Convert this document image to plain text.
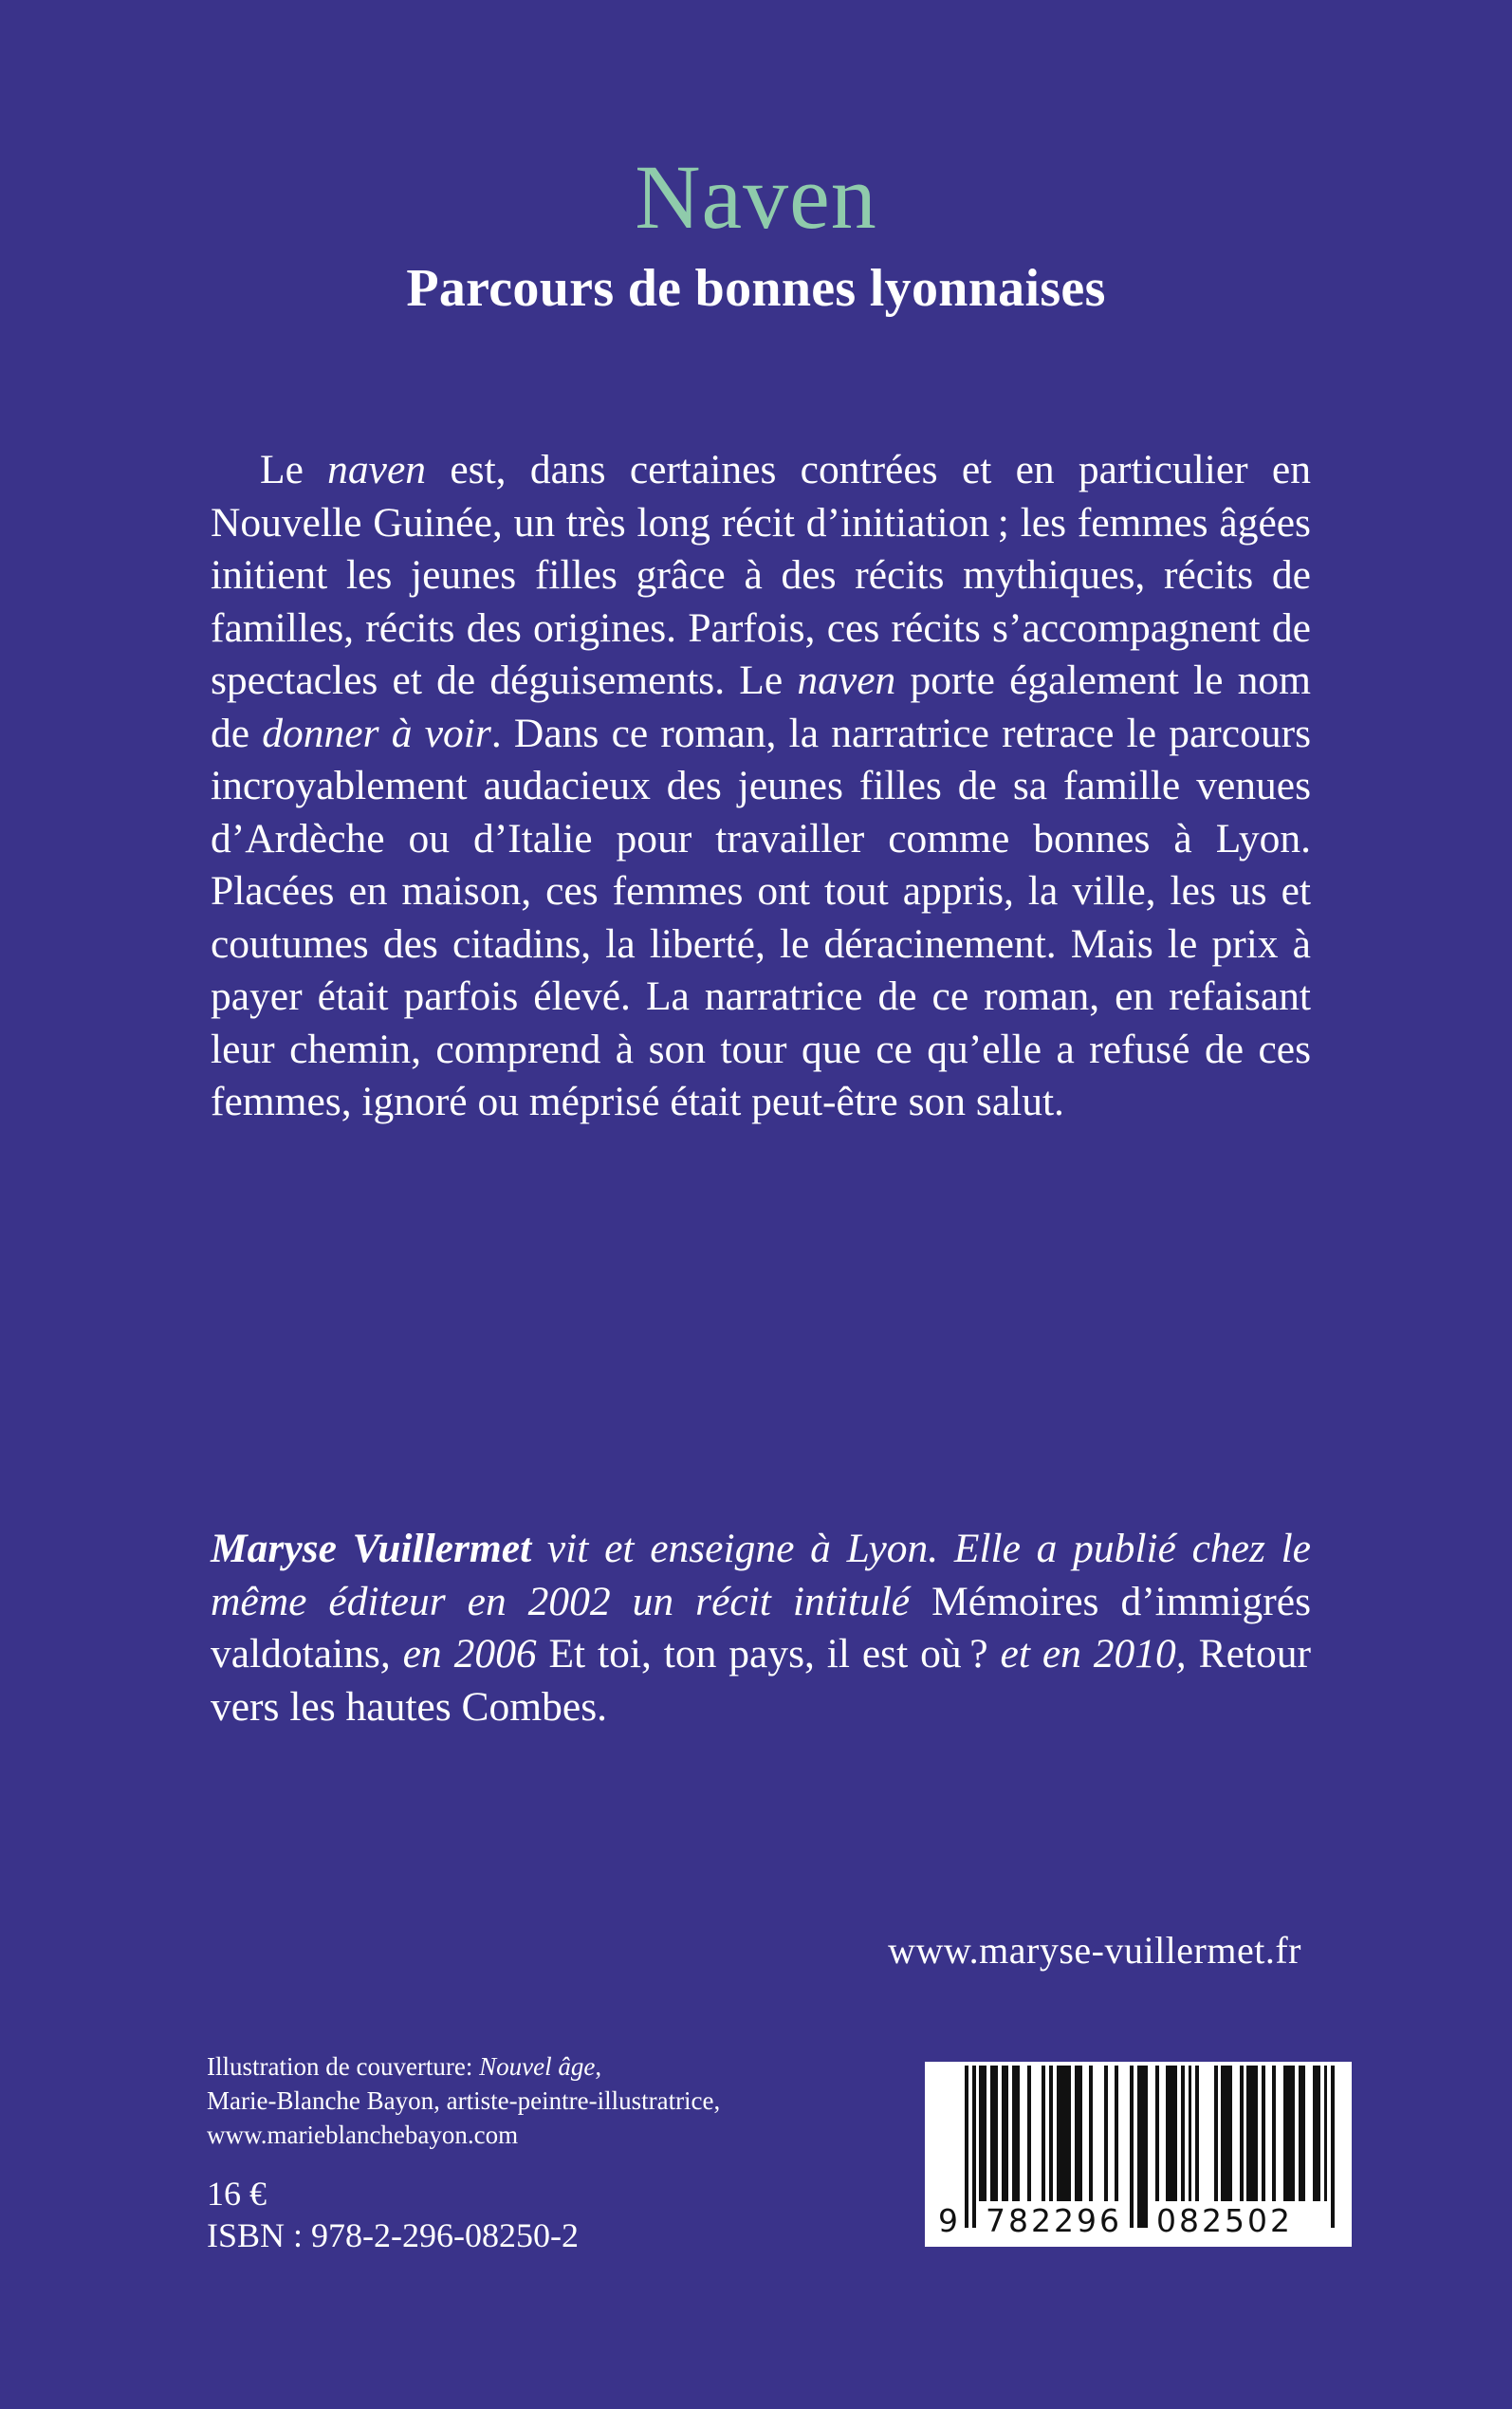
Naven
Parcours de bonnes lyonnaises
Le naven est, dans certaines contrées et en particulier en Nouvelle Guinée, un très long récit d’initiation ; les femmes âgées initient les jeunes filles grâce à des récits mythiques, récits de familles, récits des origines. Parfois, ces récits s’accompagnent de spectacles et de déguisements. Le naven porte également le nom de donner à voir. Dans ce roman, la narratrice retrace le parcours incroyablement audacieux des jeunes filles de sa famille venues d’Ardèche ou d’Italie pour travailler comme bonnes à Lyon. Placées en maison, ces femmes ont tout appris, la ville, les us et coutumes des citadins, la liberté, le déracinement. Mais le prix à payer était parfois élevé. La narratrice de ce roman, en refaisant leur chemin, comprend à son tour que ce qu’elle a refusé de ces femmes, ignoré ou méprisé était peut-être son salut.
Maryse Vuillermet vit et enseigne à Lyon. Elle a publié chez le même éditeur en 2002 un récit intitulé Mémoires d’immigrés valdotains, en 2006 Et toi, ton pays, il est où ? et en 2010, Retour vers les hautes Combes.
www.maryse-vuillermet.fr
Illustration de couverture: Nouvel âge,
Marie-Blanche Bayon, artiste-peintre-illustratrice,
www.marieblanchebayon.com
16 €
ISBN : 978-2-296-08250-2	9 782296 082502
